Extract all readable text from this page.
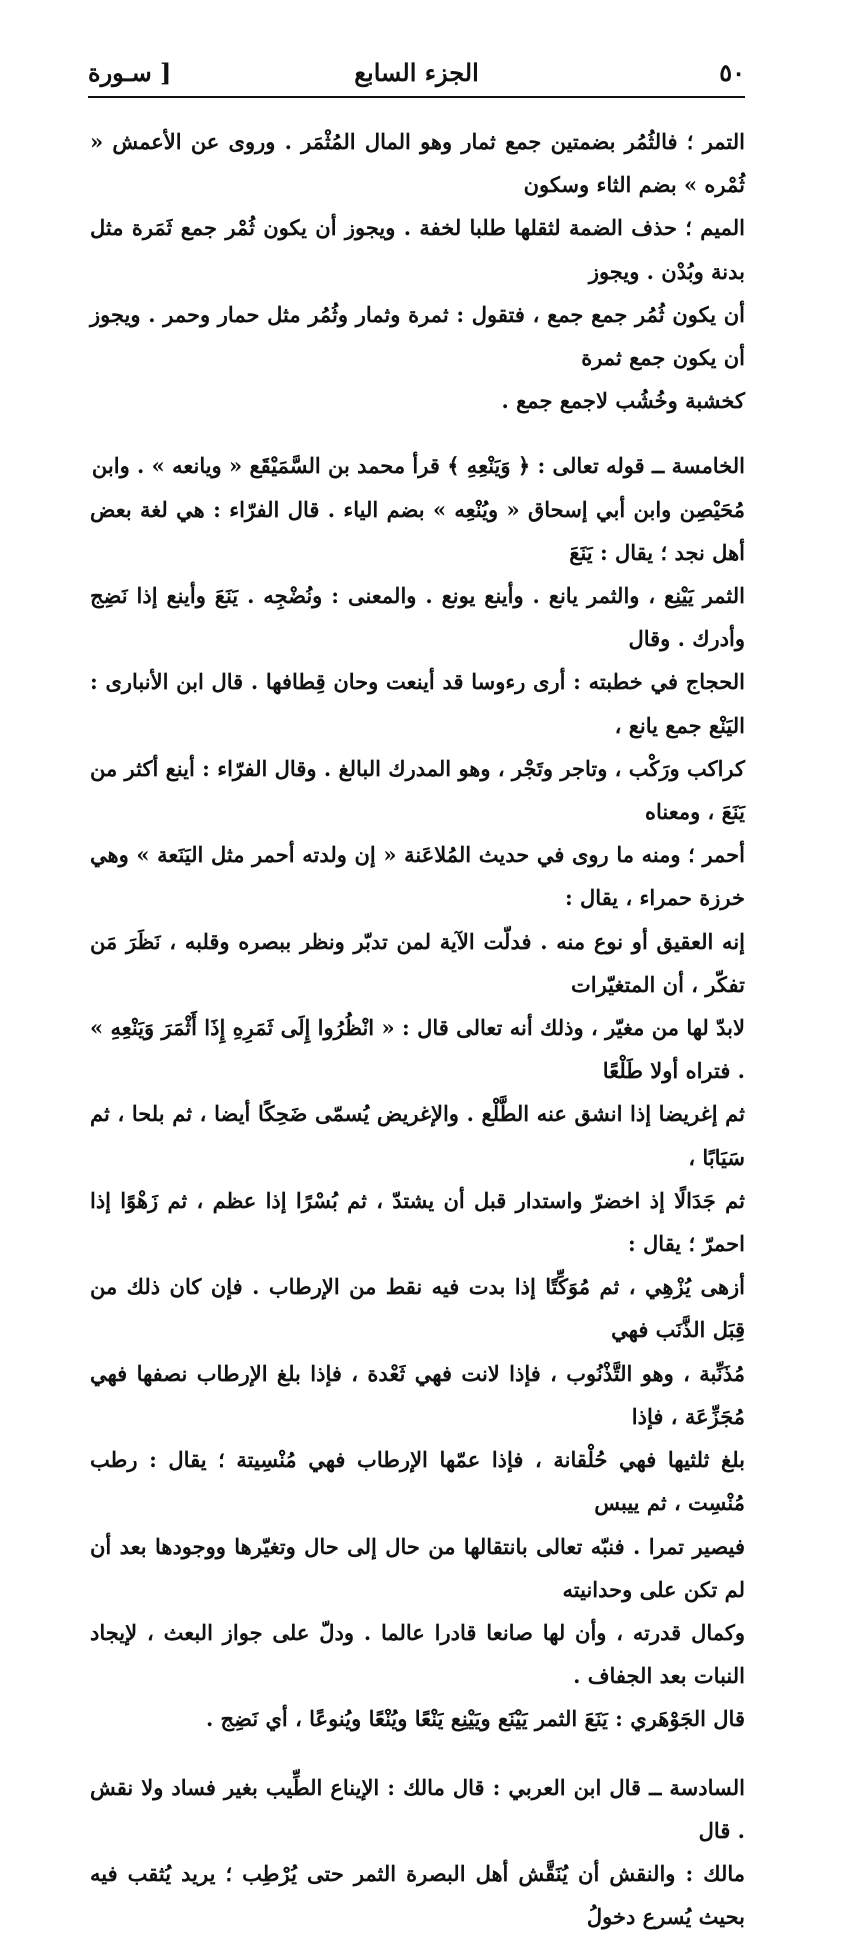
٥٠
الجزء السابع
[ سـورة
التمر ؛ فالثُمُر بضمتين جمع ثمار وهو المال المُثْمَر . وروى عن الأعمش « ثُمْره » بضم الثاء وسكون
الميم ؛ حذف الضمة لثقلها طلبا لخفة . ويجوز أن يكون ثُمْر جمع ثَمَرة مثل بدنة وبُدْن . ويجوز
أن يكون ثُمُر جمع جمع ، فتقول : ثمرة وثمار وثُمُر مثل حمار وحمر . ويجوز أن يكون جمع ثمرة
كخشبة وخُشُب لاجمع جمع .
الخامسة ــ قوله تعالى : ﴿ وَيَنْعِهِ ﴾ قرأ محمد بن السَّمَيْقَع « ويانعه » . وابن
مُحَيْصِن وابن أبي إسحاق « ويُنْعِه » بضم الياء . قال الفرّاء : هي لغة بعض أهل نجد ؛ يقال : يَنَعَ
الثمر يَيْنِع ، والثمر يانع . وأينع يونع . والمعنى : ونُضْجِه . يَنَعَ وأينع إذا نَضِج وأدرك . وقال
الحجاج في خطبته : أرى رءوسا قد أينعت وحان قِطافها . قال ابن الأنبارى : اليَنْع جمع يانع ،
كراكب ورَكْب ، وتاجر وتَجْر ، وهو المدرك البالغ . وقال الفرّاء : أينع أكثر من يَنَعَ ، ومعناه
أحمر ؛ ومنه ما روى في حديث المُلاعَنة « إن ولدته أحمر مثل اليَنَعة » وهي خرزة حمراء ، يقال :
إنه العقيق أو نوع منه . فدلّت الآية لمن تدبّر ونظر ببصره وقلبه ، نَظَرَ مَن تفكّر ، أن المتغيّرات
لابدّ لها من مغيّر ، وذلك أنه تعالى قال : « انْظُرُوا إِلَى ثَمَرِهِ إِذَا أَثْمَرَ وَيَنْعِهِ » . فتراه أولا طَلْعًا
ثم إغريضا إذا انشق عنه الطَّلْع . والإغريض يُسمّى ضَحِكًا أيضا ، ثم بلحا ، ثم سَيَابًا ،
ثم جَدَالًا إذ اخضرّ واستدار قبل أن يشتدّ ، ثم بُسْرًا إذا عظم ، ثم زَهْوًا إذا احمرّ ؛ يقال :
أزهى يُزْهِي ، ثم مُوَكِّتًا إذا بدت فيه نقط من الإرطاب . فإن كان ذلك من قِبَل الذَّنَب فهي
مُذَنِّبة ، وهو التَّذْنُوب ، فإذا لانت فهي ثَعْدة ، فإذا بلغ الإرطاب نصفها فهي مُجَزِّعَة ، فإذا
بلغ ثلثيها فهي حُلْقانة ، فإذا عمّها الإرطاب فهي مُنْسِيتة ؛ يقال : رطب مُنْسِت ، ثم ييبس
فيصير تمرا . فنبّه تعالى بانتقالها من حال إلى حال وتغيّرها ووجودها بعد أن لم تكن على وحدانيته
وكمال قدرته ، وأن لها صانعا قادرا عالما . ودلّ على جواز البعث ، لإيجاد النبات بعد الجفاف .
قال الجَوْهَري : يَنَعَ الثمر يَيْنَع ويَيْنِع يَنْعًا ويُنْعًا ويُنوعًا ، أي نَضِج .
السادسة ــ قال ابن العربي : قال مالك : الإيناع الطِّيب بغير فساد ولا نقش . قال
مالك : والنقش أن يُنَقَّش أهل البصرة الثمر حتى يُرْطِب ؛ يريد يُثقب فيه بحيث يُسرع دخولُ
